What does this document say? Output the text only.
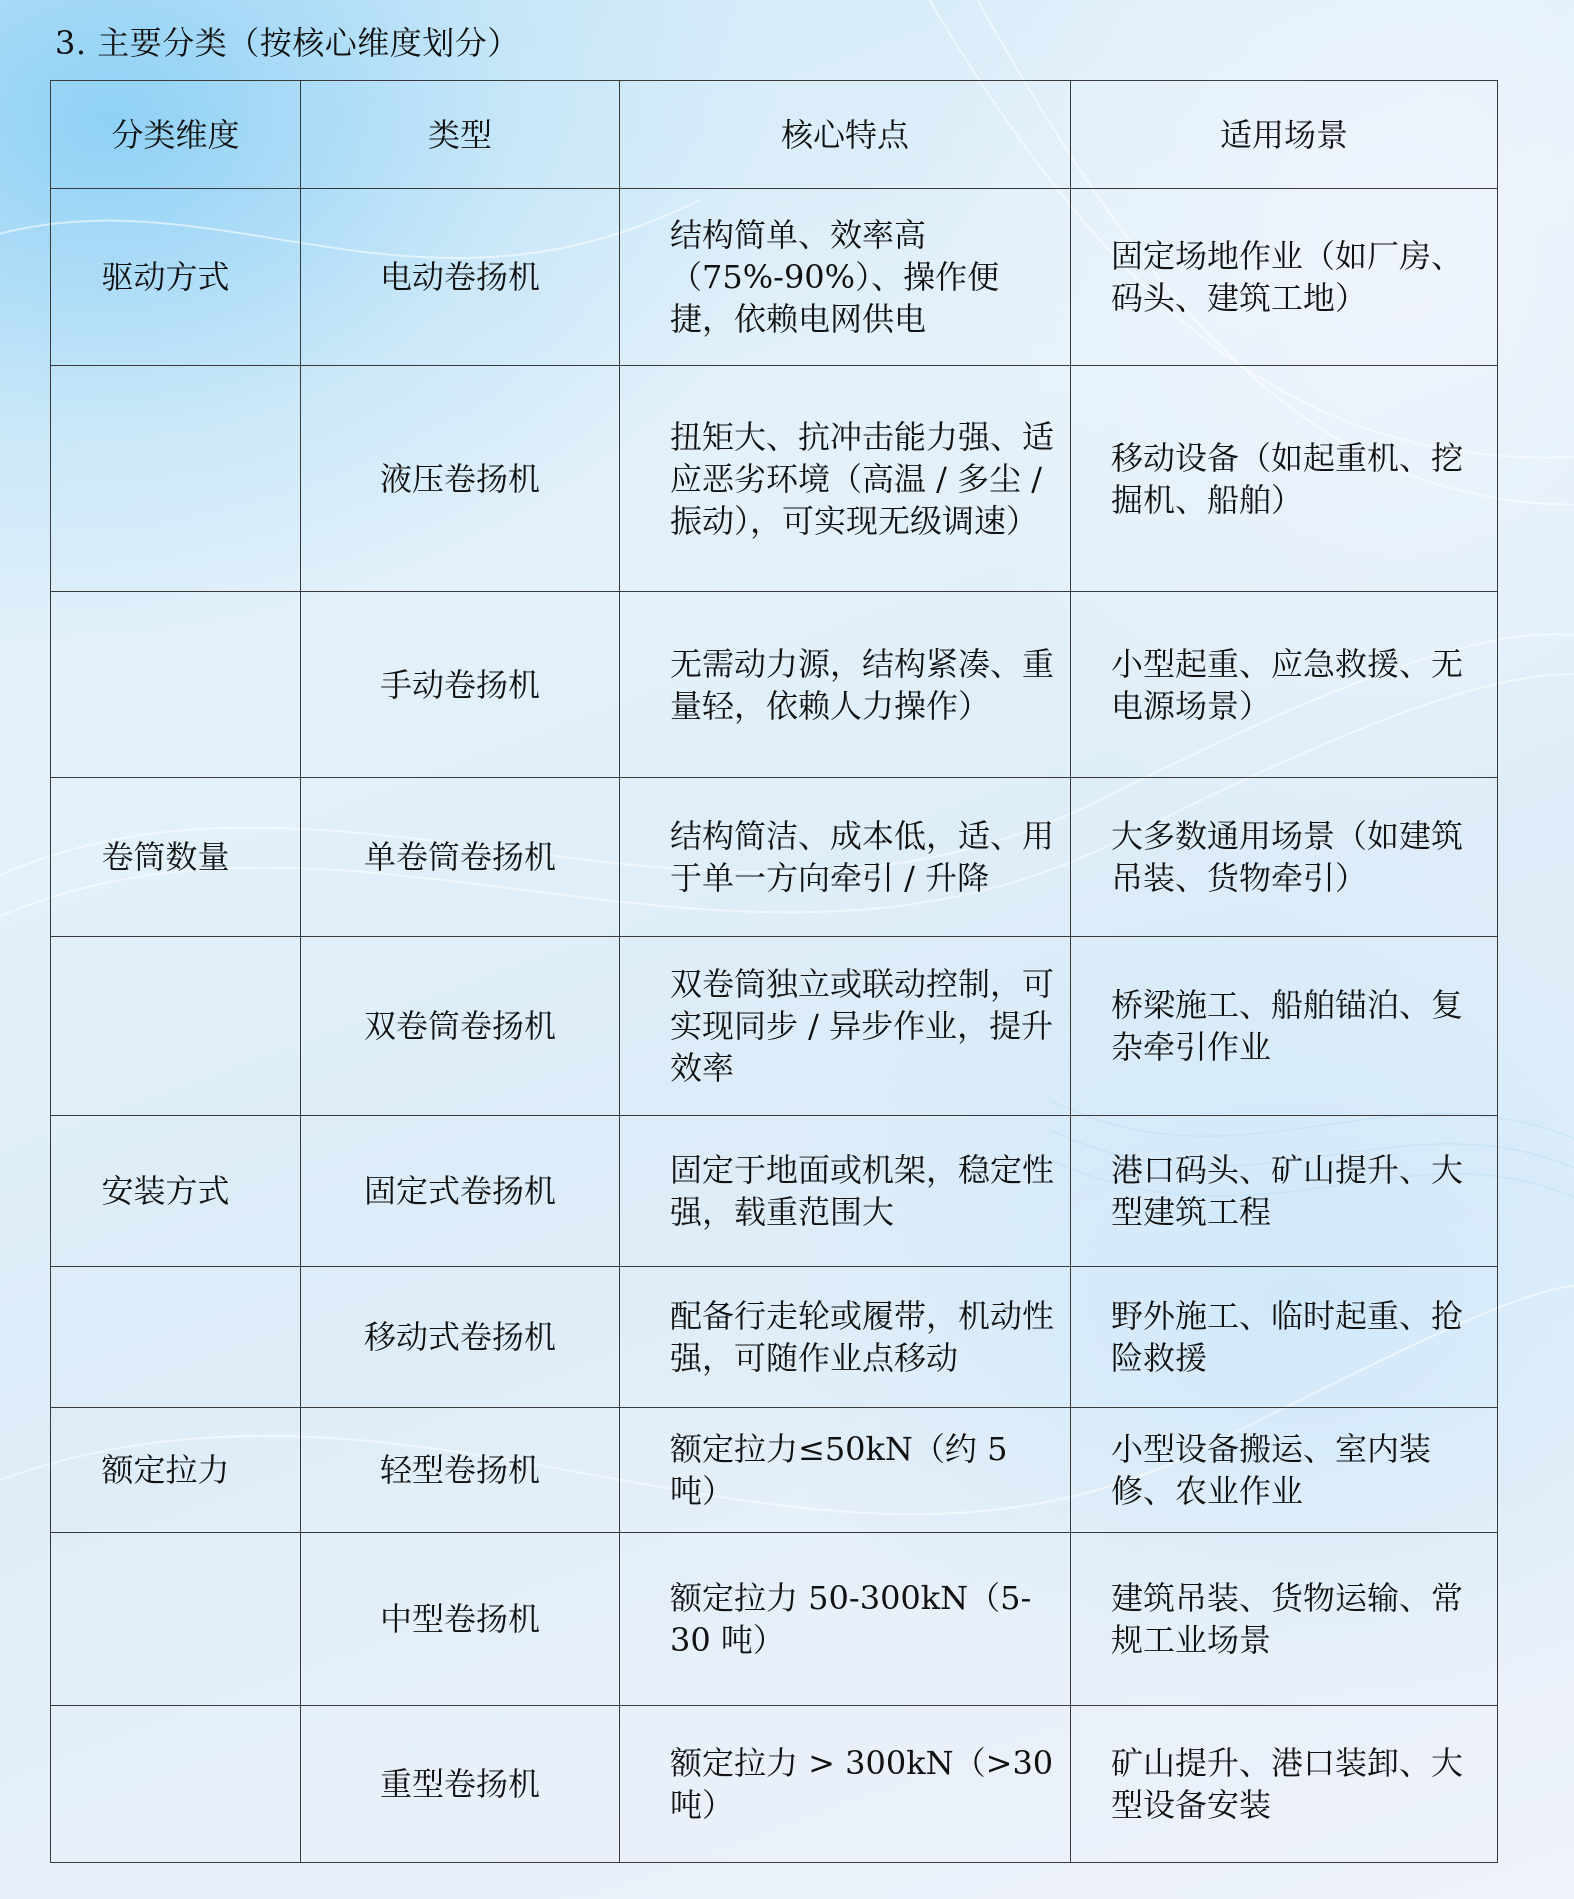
3. 主要分类（按核心维度划分）
分类维度	类型	核心特点	适用场景
驱动方式	电动卷扬机	结构简单、效率高（75%-90%）、操作便捷，依赖电网供电	固定场地作业（如厂房、码头、建筑工地）
	液压卷扬机	扭矩大、抗冲击能力强、适应恶劣环境（高温 / 多尘 / 振动），可实现无级调速）	移动设备（如起重机、挖掘机、船舶）
	手动卷扬机	无需动力源，结构紧凑、重量轻，依赖人力操作）	小型起重、应急救援、无电源场景）
卷筒数量	单卷筒卷扬机	结构简洁、成本低，适、用于单一方向牵引 / 升降	大多数通用场景（如建筑吊装、货物牵引）
	双卷筒卷扬机	双卷筒独立或联动控制，可实现同步 / 异步作业，提升效率	桥梁施工、船舶锚泊、复杂牵引作业
安装方式	固定式卷扬机	固定于地面或机架，稳定性强，载重范围大	港口码头、矿山提升、大型建筑工程
	移动式卷扬机	配备行走轮或履带，机动性强，可随作业点移动	野外施工、临时起重、抢险救援
额定拉力	轻型卷扬机	额定拉力≤50kN（约 5 吨）	小型设备搬运、室内装修、农业作业
	中型卷扬机	额定拉力 50-300kN（5-30 吨）	建筑吊装、货物运输、常规工业场景
	重型卷扬机	额定拉力 > 300kN（>30 吨）	矿山提升、港口装卸、大型设备安装
